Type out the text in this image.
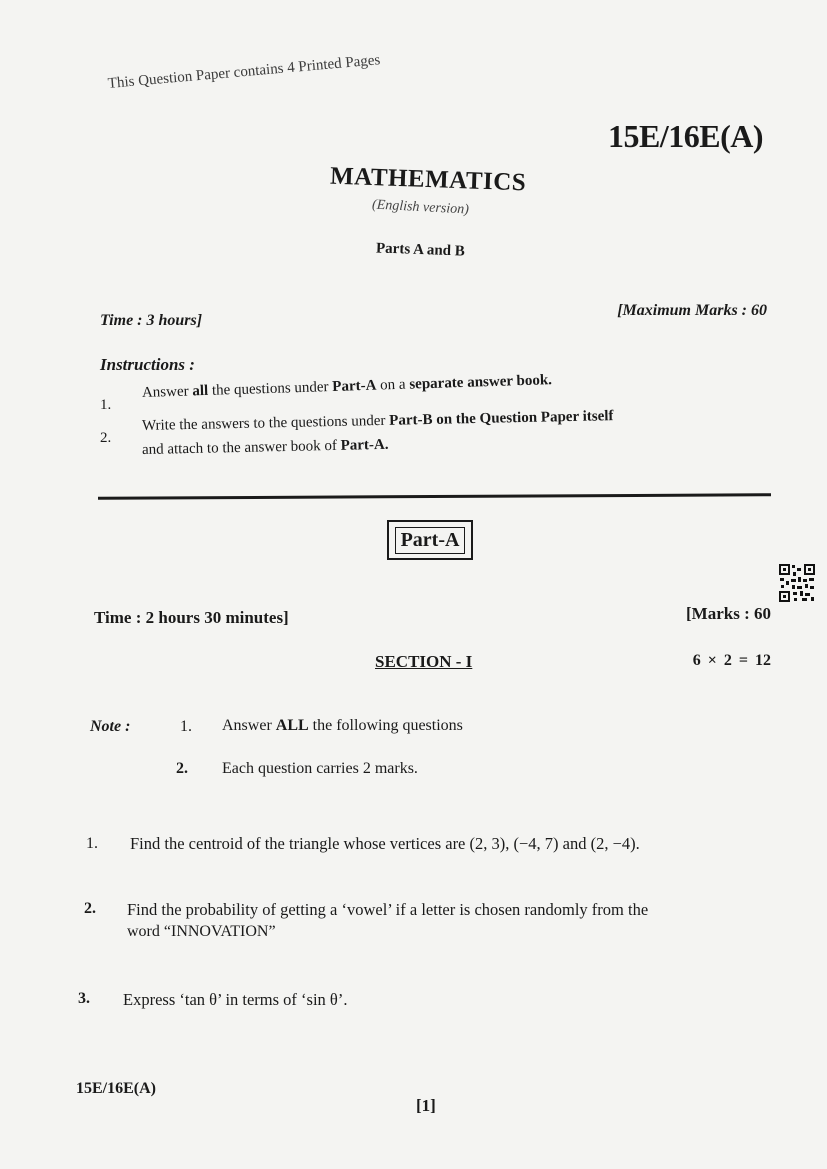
This Question Paper contains 4 Printed Pages
15E/16E(A)
MATHEMATICS
(English version)
Parts A and B
Time : 3 hours]
[Maximum Marks : 60
Instructions :
1.
Answer all the questions under Part-A on a separate answer book.
2.
Write the answers to the questions under Part-B on the Question Paper itself
and attach to the answer book of Part-A.
Part-A
Time : 2 hours 30 minutes]	[Marks : 60
SECTION - I	6 × 2 = 12
Note :	1. Answer ALL the following questions
2. Each question carries 2 marks.
1. Find the centroid of the triangle whose vertices are (2, 3), (−4, 7) and (2, −4).
2. Find the probability of getting a ‘vowel’ if a letter is chosen randomly from the
word “INNOVATION”
3. Express ‘tan θ’ in terms of ‘sin θ’.
15E/16E(A)
[1]
